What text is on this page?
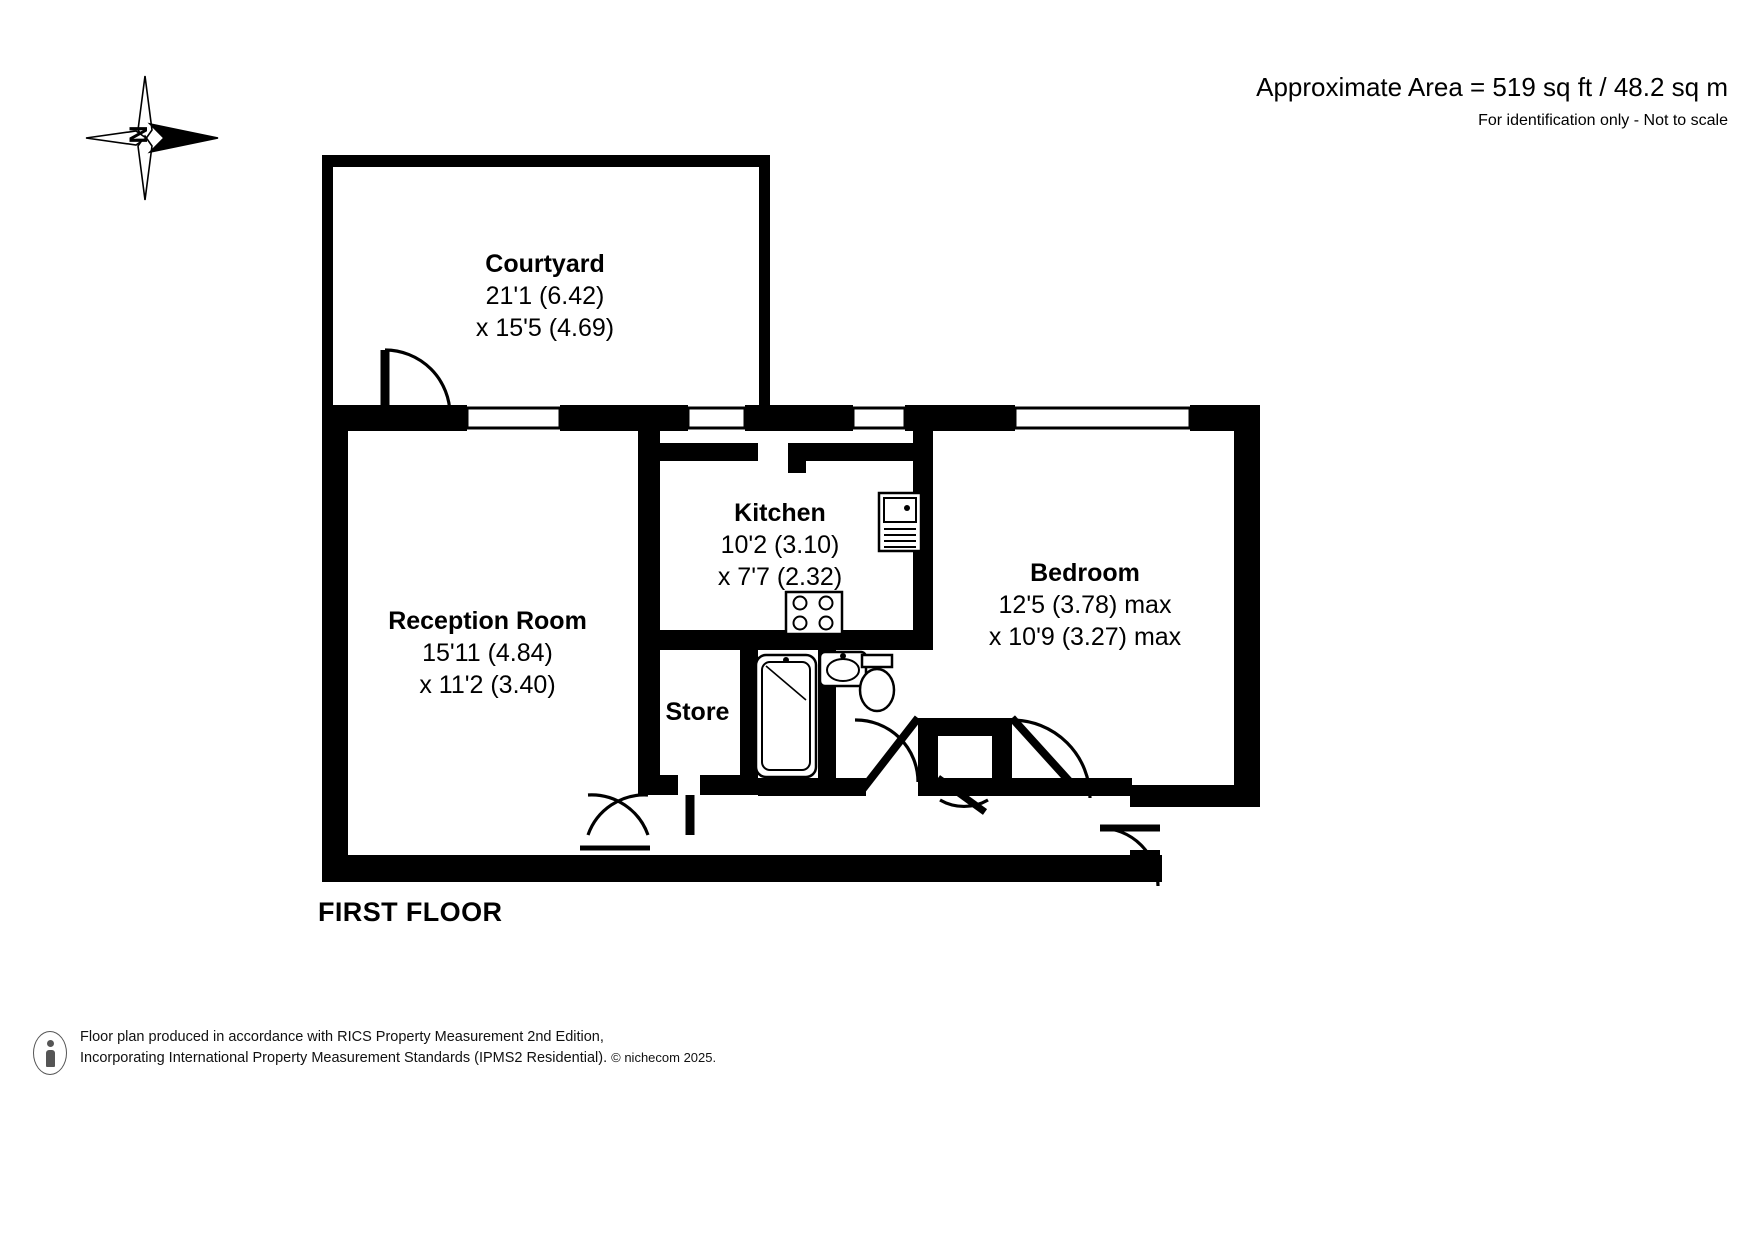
Approximate Area = 519 sq ft / 48.2 sq m
For identification only - Not to scale
N
Courtyard
21'1 (6.42)
x 15'5 (4.69)
Kitchen
10'2 (3.10)
x 7'7 (2.32)
Reception Room
15'11 (4.84)
x 11'2 (3.40)
Bedroom
12'5 (3.78) max
x 10'9 (3.27) max
Store
FIRST FLOOR
Floor plan produced in accordance with RICS Property Measurement 2nd Edition,
Incorporating International Property Measurement Standards (IPMS2 Residential). © nichecom 2025.
